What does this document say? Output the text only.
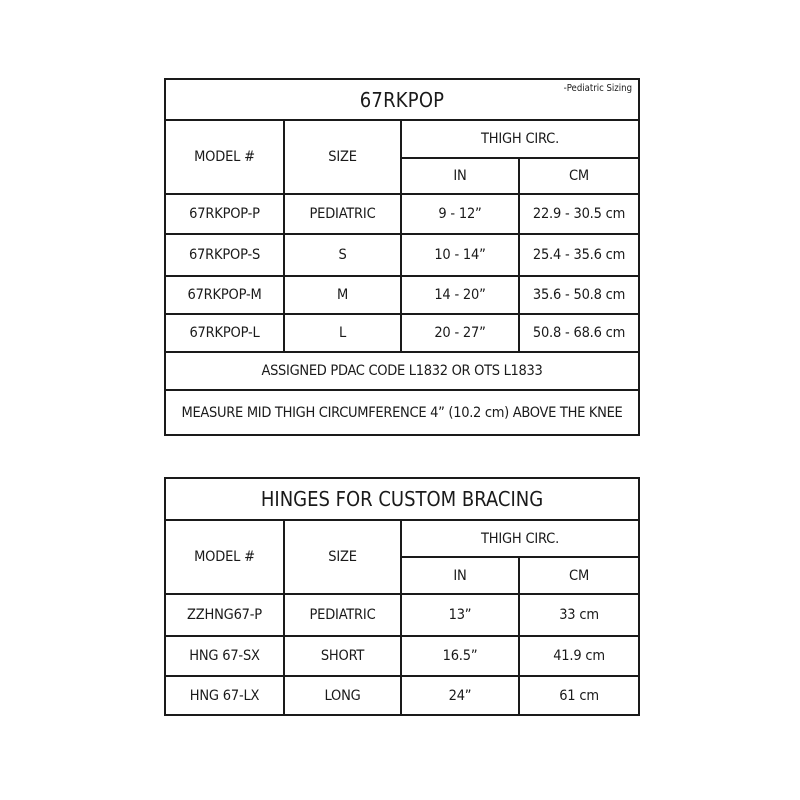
67RKPOP -Pediatric Sizing			

MODEL #	SIZE	THIGH CIRC.	
		IN	CM
67RKPOP-P	PEDIATRIC	9 - 12”	22.9 - 30.5 cm
67RKPOP-S	S	10 - 14”	25.4 - 35.6 cm
67RKPOP-M	M	14 - 20”	35.6 - 50.8 cm
67RKPOP-L	L	20 - 27”	50.8 - 68.6 cm
ASSIGNED PDAC CODE L1832 OR OTS L1833			
MEASURE MID THIGH CIRCUMFERENCE 4” (10.2 cm) ABOVE THE KNEE			
HINGES FOR CUSTOM BRACING			
MODEL #	SIZE	THIGH CIRC.	
		IN	CM
ZZHNG67-P	PEDIATRIC	13”	33 cm
HNG 67-SX	SHORT	16.5”	41.9 cm
HNG 67-LX	LONG	24”	61 cm
